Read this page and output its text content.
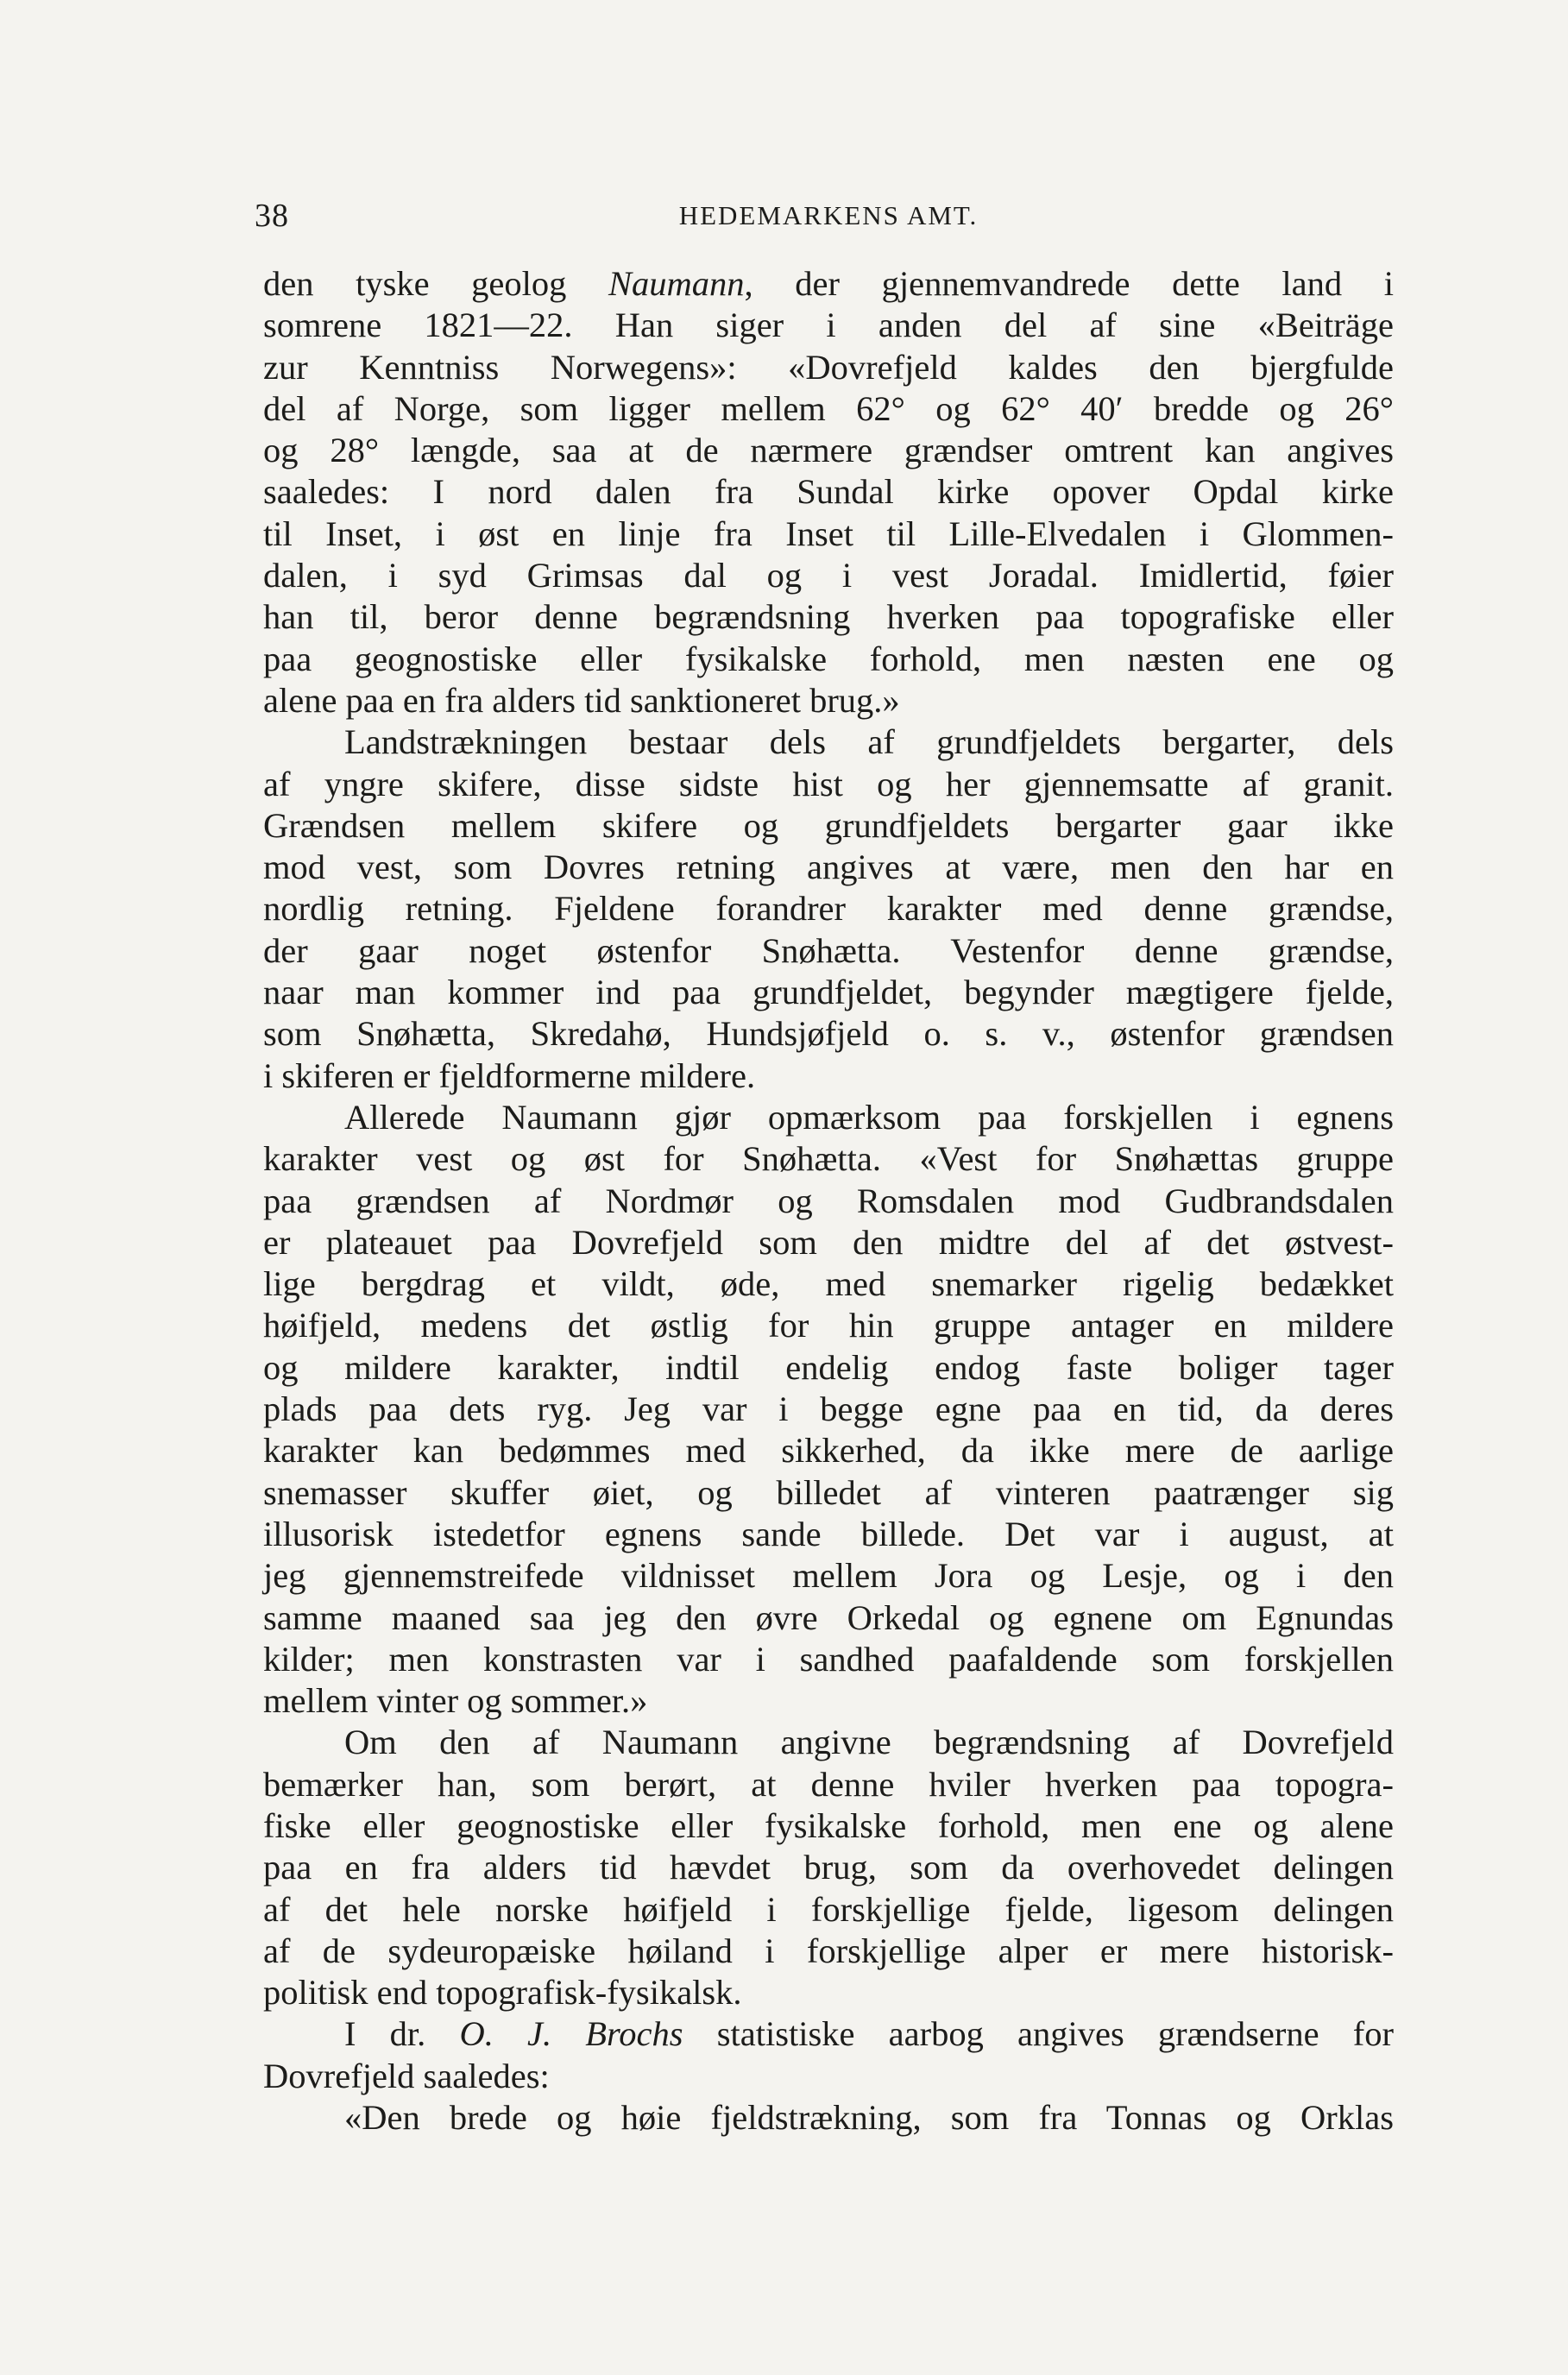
38	HEDEMARKENS AMT.
den tyske geolog Naumann, der gjennemvandrede dette land i
somrene 1821—22. Han siger i anden del af sine «Beiträge
zur Kenntniss Norwegens»: «Dovrefjeld kaldes den bjergfulde
del af Norge, som ligger mellem 62° og 62° 40′ bredde og 26°
og 28° længde, saa at de nærmere grændser omtrent kan angives
saaledes: I nord dalen fra Sundal kirke opover Opdal kirke
til Inset, i øst en linje fra Inset til Lille-Elvedalen i Glommen-
dalen, i syd Grimsas dal og i vest Joradal. Imidlertid, føier
han til, beror denne begrændsning hverken paa topografiske eller
paa geognostiske eller fysikalske forhold, men næsten ene og
alene paa en fra alders tid sanktioneret brug.»
Landstrækningen bestaar dels af grundfjeldets bergarter, dels
af yngre skifere, disse sidste hist og her gjennemsatte af granit.
Grændsen mellem skifere og grundfjeldets bergarter gaar ikke
mod vest, som Dovres retning angives at være, men den har en
nordlig retning. Fjeldene forandrer karakter med denne grændse,
der gaar noget østenfor Snøhætta. Vestenfor denne grændse,
naar man kommer ind paa grundfjeldet, begynder mægtigere fjelde,
som Snøhætta, Skredahø, Hundsjøfjeld o. s. v., østenfor grændsen
i skiferen er fjeldformerne mildere.
Allerede Naumann gjør opmærksom paa forskjellen i egnens
karakter vest og øst for Snøhætta. «Vest for Snøhættas gruppe
paa grændsen af Nordmør og Romsdalen mod Gudbrandsdalen
er plateauet paa Dovrefjeld som den midtre del af det østvest-
lige bergdrag et vildt, øde, med snemarker rigelig bedækket
høifjeld, medens det østlig for hin gruppe antager en mildere
og mildere karakter, indtil endelig endog faste boliger tager
plads paa dets ryg. Jeg var i begge egne paa en tid, da deres
karakter kan bedømmes med sikkerhed, da ikke mere de aarlige
snemasser skuffer øiet, og billedet af vinteren paatrænger sig
illusorisk istedetfor egnens sande billede. Det var i august, at
jeg gjennemstreifede vildnisset mellem Jora og Lesje, og i den
samme maaned saa jeg den øvre Orkedal og egnene om Egnundas
kilder; men konstrasten var i sandhed paafaldende som forskjellen
mellem vinter og sommer.»
Om den af Naumann angivne begrændsning af Dovrefjeld
bemærker han, som berørt, at denne hviler hverken paa topogra-
fiske eller geognostiske eller fysikalske forhold, men ene og alene
paa en fra alders tid hævdet brug, som da overhovedet delingen
af det hele norske høifjeld i forskjellige fjelde, ligesom delingen
af de sydeuropæiske høiland i forskjellige alper er mere historisk-
politisk end topografisk-fysikalsk.
I dr. O. J. Brochs statistiske aarbog angives grændserne for
Dovrefjeld saaledes:
«Den brede og høie fjeldstrækning, som fra Tonnas og Orklas
